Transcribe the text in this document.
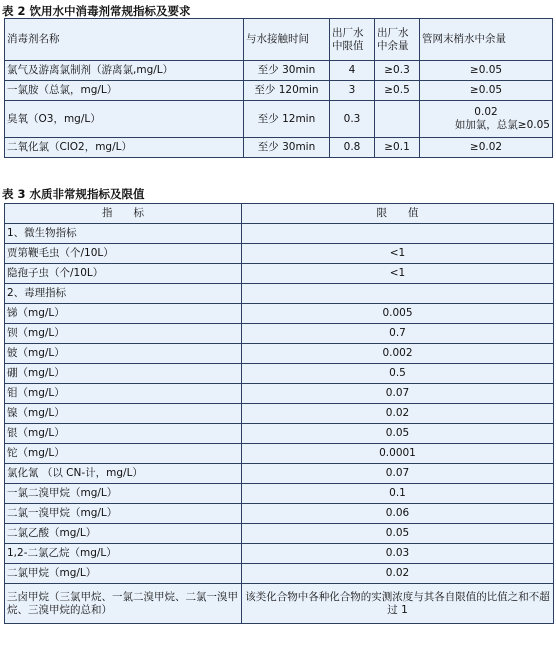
表 2 饮用水中消毒剂常规指标及要求
消毒剂名称	与水接触时间	出厂水中限值	出厂水中余量	管网末梢水中余量
氯气及游离氯制剂（游离氯,mg/L）	至少 30min	4	≥0.3	≥0.05
一氯胺（总氯，mg/L）	至少 120min	3	≥0.5	≥0.05
臭氧（O3，mg/L）	至少 12min	0.3		0.02
如加氯，总氯≥0.05

二氧化氯（ClO2，mg/L）	至少 30min	0.8	≥0.1	≥0.02
表 3 水质非常规指标及限值
指　　标	限　　值
1、微生物指标	
贾第鞭毛虫（个/10L）	<1
隐孢子虫（个/10L）	<1
2、毒理指标	
锑（mg/L）	0.005
钡（mg/L）	0.7
铍（mg/L）	0.002
硼（mg/L）	0.5
钼（mg/L）	0.07
镍（mg/L）	0.02
银（mg/L）	0.05
铊（mg/L）	0.0001
氯化氰 （以 CN-计，mg/L）	0.07
一氯二溴甲烷（mg/L）	0.1
二氯一溴甲烷（mg/L）	0.06
二氯乙酸（mg/L）	0.05
1,2-二氯乙烷（mg/L）	0.03
二氯甲烷（mg/L）	0.02
三卤甲烷（三氯甲烷、一氯二溴甲烷、二氯一溴甲烷、三溴甲烷的总和）	该类化合物中各种化合物的实测浓度与其各自限值的比值之和不超过 1
